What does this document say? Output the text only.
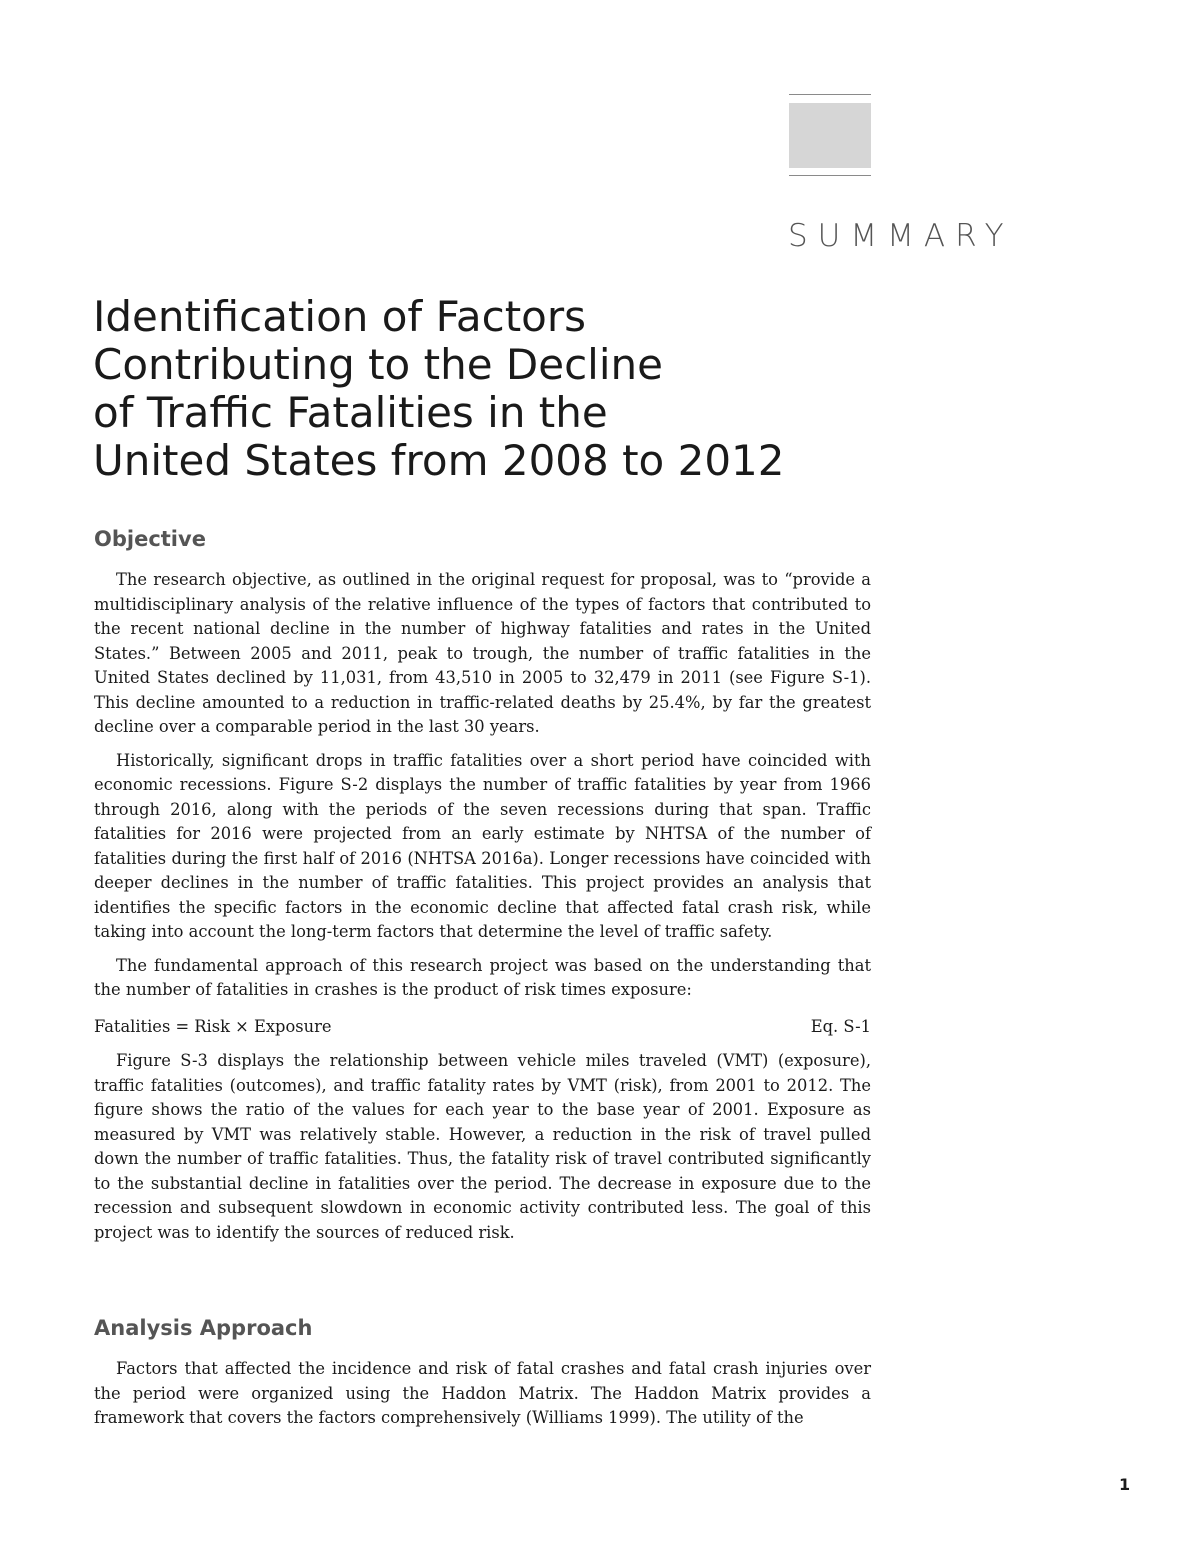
SUMMARY
Identification of Factors
Contributing to the Decline
of Traffic Fatalities in the
United States from 2008 to 2012
Objective

The research objective, as outlined in the original request for proposal, was to “provide a multidisciplinary analysis of the relative influence of the types of factors that contributed to the recent national decline in the number of highway fatalities and rates in the United States.” Between 2005 and 2011, peak to trough, the number of traffic fatalities in the United States declined by 11,031, from 43,510 in 2005 to 32,479 in 2011 (see Figure S-1). This decline amounted to a reduction in traffic-related deaths by 25.4%, by far the greatest decline over a comparable period in the last 30 years.

Historically, significant drops in traffic fatalities over a short period have coincided with economic recessions. Figure S-2 displays the number of traffic fatalities by year from 1966 through 2016, along with the periods of the seven recessions during that span. Traffic fatalities for 2016 were projected from an early estimate by NHTSA of the number of fatalities during the first half of 2016 (NHTSA 2016a). Longer recessions have coincided with deeper declines in the number of traffic fatalities. This project provides an analysis that identifies the specific factors in the economic decline that affected fatal crash risk, while taking into account the long-term factors that determine the level of traffic safety.

The fundamental approach of this research project was based on the understanding that the number of fatalities in crashes is the product of risk times exposure:

Fatalities = Risk × Exposure	Eq. S-1

Figure S-3 displays the relationship between vehicle miles traveled (VMT) (exposure), traffic fatalities (outcomes), and traffic fatality rates by VMT (risk), from 2001 to 2012. The figure shows the ratio of the values for each year to the base year of 2001. Exposure as measured by VMT was relatively stable. However, a reduction in the risk of travel pulled down the number of traffic fatalities. Thus, the fatality risk of travel contributed significantly to the substantial decline in fatalities over the period. The decrease in exposure due to the recession and subsequent slowdown in economic activity contributed less. The goal of this project was to identify the sources of reduced risk.

Analysis Approach

Factors that affected the incidence and risk of fatal crashes and fatal crash injuries over the period were organized using the Haddon Matrix. The Haddon Matrix provides a framework that covers the factors comprehensively (Williams 1999). The utility of the

1
